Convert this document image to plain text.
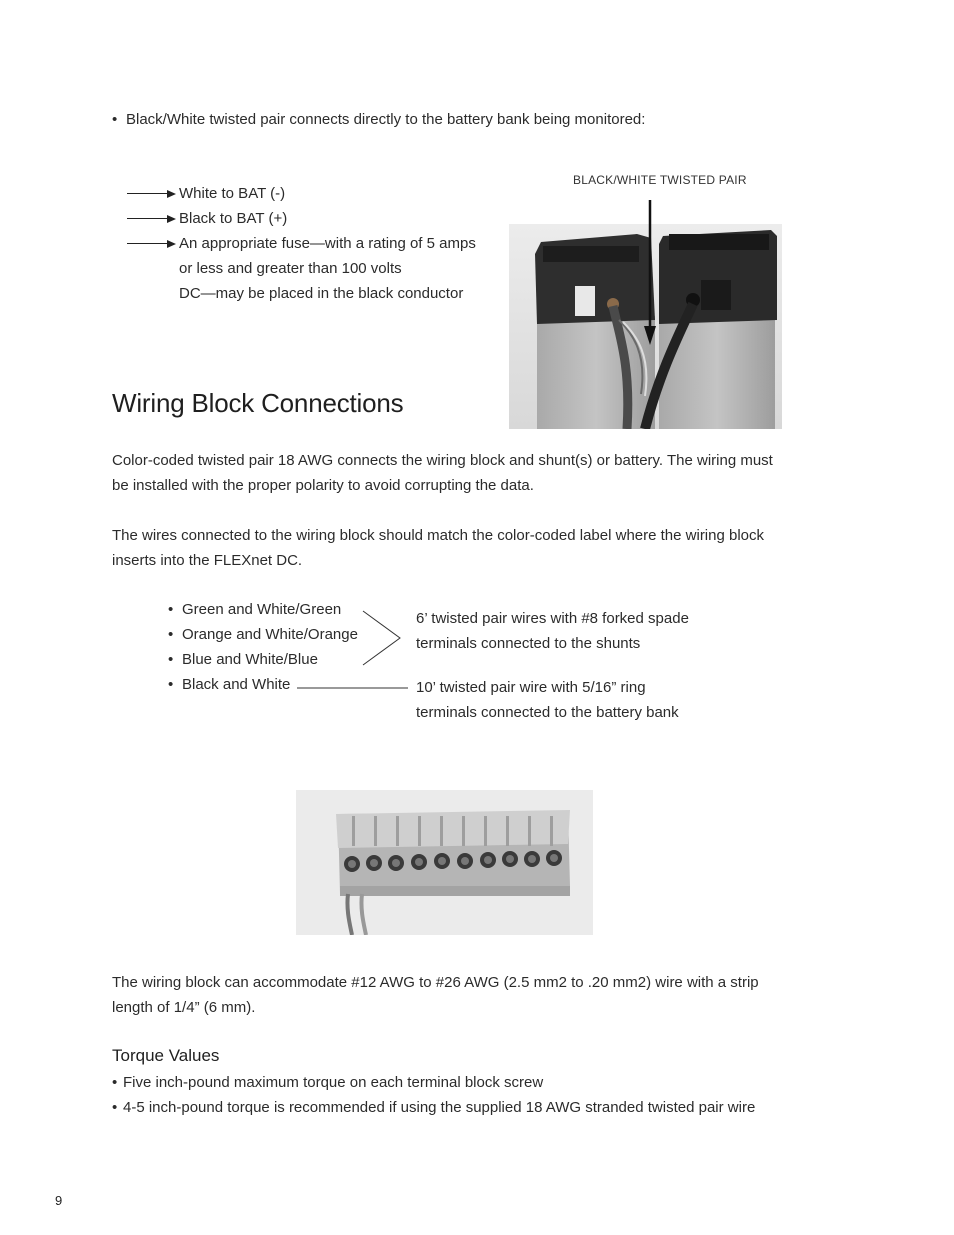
• Black/White twisted pair connects directly to the battery bank being monitored:
White to BAT (-)
Black to BAT (+)
An appropriate fuse—with a rating of 5 amps
or less and greater than 100 volts
DC—may be placed in the black conductor
BLACK/WHITE TWISTED PAIR
Wiring Block Connections
Color-coded twisted pair 18 AWG connects the wiring block and shunt(s) or battery. The wiring must
be installed with the proper polarity to avoid corrupting the data.
The wires connected to the wiring block should match the color-coded label where the wiring block
inserts into the FLEXnet DC.
• Green and White/Green
• Orange and White/Orange
• Blue and White/Blue
• Black and White
6’ twisted pair wires with #8 forked spade
terminals connected to the shunts
10’ twisted pair wire with 5/16” ring
terminals connected to the battery bank
The wiring block can accommodate #12 AWG to #26 AWG (2.5 mm2 to .20 mm2) wire with a strip
length of 1/4” (6 mm).
Torque Values
• Five inch-pound maximum torque on each terminal block screw
• 4-5 inch-pound torque is recommended if using the supplied 18 AWG stranded twisted pair wire
9
